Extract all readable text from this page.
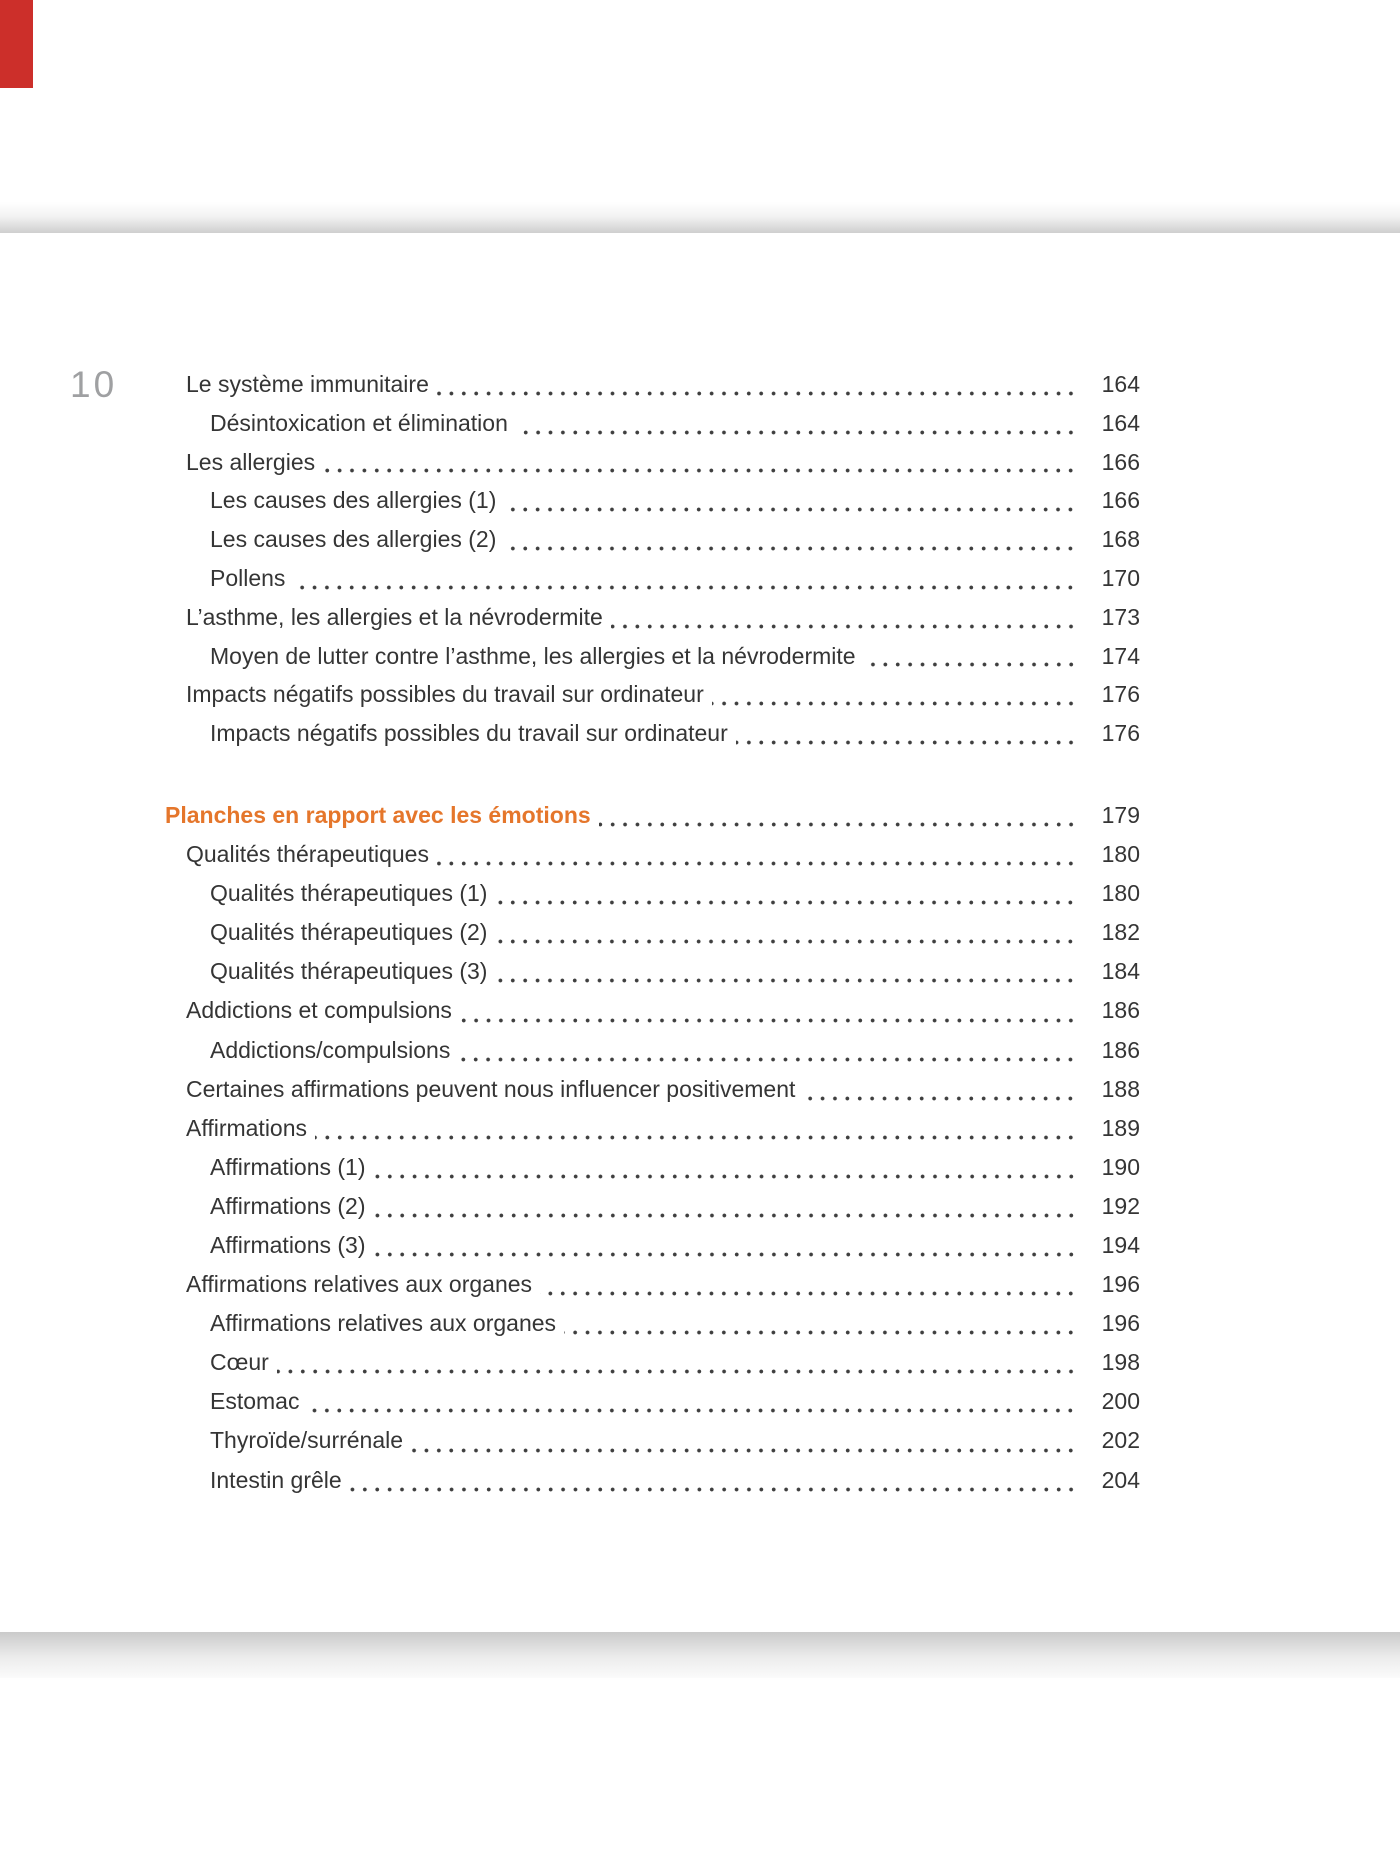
10	Le système immunitaire	164
Désintoxication et élimination	164
Les allergies	166
Les causes des allergies (1)	166
Les causes des allergies (2)	168
Pollens	170
L’asthme, les allergies et la névrodermite	173
Moyen de lutter contre l’asthme, les allergies et la névrodermite	174
Impacts négatifs possibles du travail sur ordinateur	176
Impacts négatifs possibles du travail sur ordinateur	176
Planches en rapport avec les émotions	179
Qualités thérapeutiques	180
Qualités thérapeutiques (1)	180
Qualités thérapeutiques (2)	182
Qualités thérapeutiques (3)	184
Addictions et compulsions	186
Addictions/compulsions	186
Certaines affirmations peuvent nous influencer positivement	188
Affirmations	189
Affirmations (1)	190
Affirmations (2)	192
Affirmations (3)	194
Affirmations relatives aux organes	196
Affirmations relatives aux organes	196
Cœur	198
Estomac	200
Thyroïde/surrénale	202
Intestin grêle	204
